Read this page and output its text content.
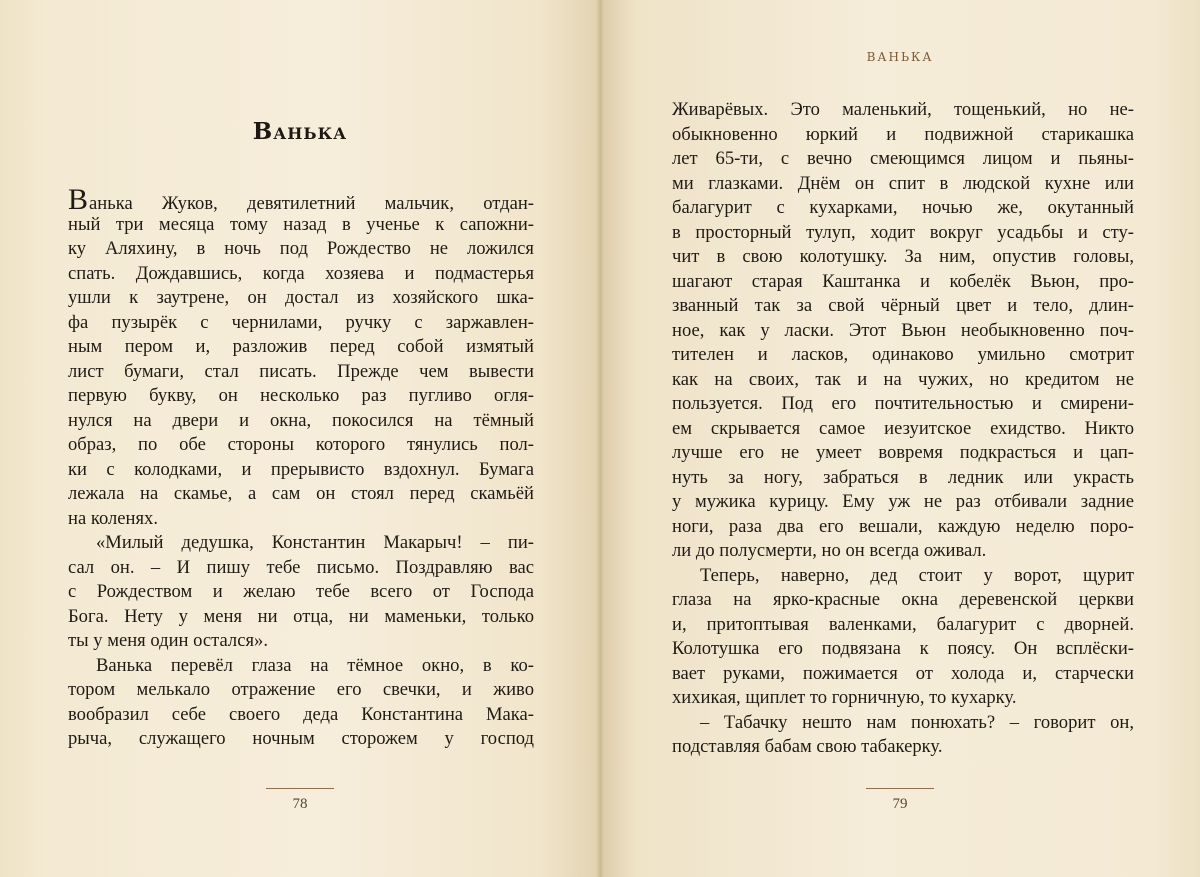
Ванька
Ванька Жуков, девятилетний мальчик, отдан-
ный три месяца тому назад в ученье к сапожни-
ку Аляхину, в ночь под Рождество не ложился
спать. Дождавшись, когда хозяева и подмастерья
ушли к заутрене, он достал из хозяйского шка-
фа пузырёк с чернилами, ручку с заржавлен-
ным пером и, разложив перед собой измятый
лист бумаги, стал писать. Прежде чем вывести
первую букву, он несколько раз пугливо огля-
нулся на двери и окна, покосился на тёмный
образ, по обе стороны которого тянулись пол-
ки с колодками, и прерывисто вздохнул. Бумага
лежала на скамье, а сам он стоял перед скамьёй
на коленях.
«Милый дедушка, Константин Макарыч! – пи-
сал он. – И пишу тебе письмо. Поздравляю вас
с Рождеством и желаю тебе всего от Господа
Бога. Нету у меня ни отца, ни маменьки, только
ты у меня один остался».
Ванька перевёл глаза на тёмное окно, в ко-
тором мелькало отражение его свечки, и живо
вообразил себе своего деда Константина Мака-
рыча, служащего ночным сторожем у господ
78
ВАНЬКА
Живарёвых. Это маленький, тощенький, но не-
обыкновенно юркий и подвижной старикашка
лет 65-ти, с вечно смеющимся лицом и пьяны-
ми глазками. Днём он спит в людской кухне или
балагурит с кухарками, ночью же, окутанный
в просторный тулуп, ходит вокруг усадьбы и сту-
чит в свою колотушку. За ним, опустив головы,
шагают старая Каштанка и кобелёк Вьюн, про-
званный так за свой чёрный цвет и тело, длин-
ное, как у ласки. Этот Вьюн необыкновенно поч-
тителен и ласков, одинаково умильно смотрит
как на своих, так и на чужих, но кредитом не
пользуется. Под его почтительностью и смирени-
ем скрывается самое иезуитское ехидство. Никто
лучше его не умеет вовремя подкрасться и цап-
нуть за ногу, забраться в ледник или украсть
у мужика курицу. Ему уж не раз отбивали задние
ноги, раза два его вешали, каждую неделю поро-
ли до полусмерти, но он всегда оживал.
Теперь, наверно, дед стоит у ворот, щурит
глаза на ярко-красные окна деревенской церкви
и, притоптывая валенками, балагурит с дворней.
Колотушка его подвязана к поясу. Он всплёски-
вает руками, пожимается от холода и, старчески
хихикая, щиплет то горничную, то кухарку.
– Табачку нешто нам понюхать? – говорит он,
подставляя бабам свою табакерку.
79
